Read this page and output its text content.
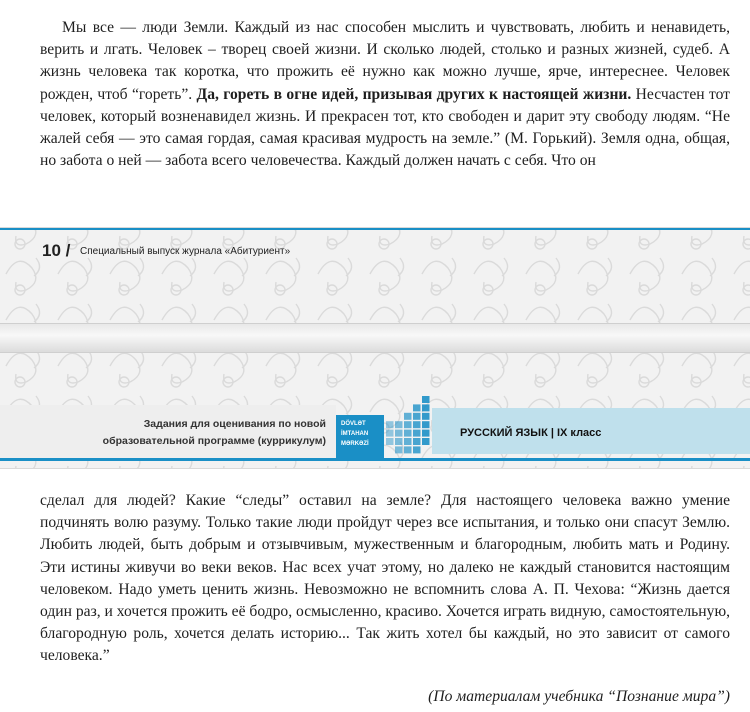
Мы все — люди Земли. Каждый из нас способен мыслить и чувствовать, любить и ненавидеть, верить и лгать. Человек – творец своей жизни. И сколько людей, столько и разных жизней, судеб. А жизнь человека так коротка, что прожить её нужно как можно лучше, ярче, интереснее. Человек рожден, чтоб “гореть”. Да, гореть в огне идей, призывая других к настоящей жизни. Несчастен тот человек, который возненавидел жизнь. И прекрасен тот, кто свободен и дарит эту свободу людям. “Не жалей себя — это самая гордая, самая красивая мудрость на земле.” (М. Горький). Земля одна, общая, но забота о ней — забота всего человечества. Каждый должен начать с себя. Что он

10 / Специальный выпуск журнала «Абитуриент»
Задания для оценивания по новой
образовательной программе (куррикулум)
DÖVLƏT
İMTAHAN
MƏRKƏZİ
РУССКИЙ ЯЗЫК | IX класс

сделал для людей? Какие “следы” оставил на земле? Для настоящего человека важно умение подчинять волю разуму. Только такие люди пройдут через все испытания, и только они спасут Землю. Любить людей, быть добрым и отзывчивым, мужественным и благородным, любить мать и Родину. Эти истины живучи во веки веков. Нас всех учат этому, но далеко не каждый становится настоящим человеком. Надо уметь ценить жизнь. Невозможно не вспомнить слова А. П. Чехова: “Жизнь дается один раз, и хочется прожить её бодро, осмысленно, красиво. Хочется играть видную, самостоятельную, благородную роль, хочется делать историю... Так жить хотел бы каждый, но это зависит от самого человека.”

(По материалам учебника “Познание мира”)
